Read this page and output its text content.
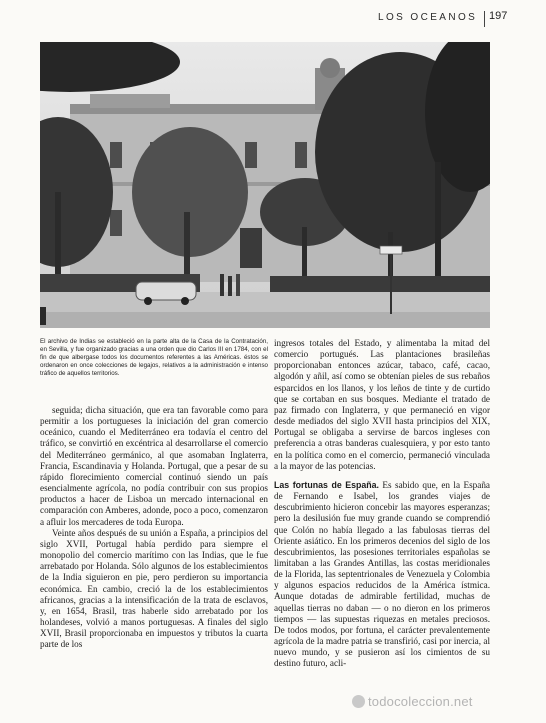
LOS OCEANOS 197
El archivo de Indias se estableció en la parte alta de la Casa de la Contratación, en Sevilla, y fue organizado gracias a una orden que dio Carlos III en 1784, con el fin de que albergase todos los documentos referentes a las Américas. éstos se ordenaron en once colecciones de legajos, relativos a la administración e intenso tráfico de aquellos territorios.

seguida; dicha situación, que era tan favorable como para permitir a los portugueses la iniciación del gran comercio oceánico, cuando el Mediterráneo era todavía el centro del tráfico, se convirtió en excéntrica al desarrollarse el comercio del Mediterráneo germánico, al que asomaban Inglaterra, Francia, Escandinavia y Holanda. Portugal, que a pesar de su rápido florecimiento comercial continuó siendo un país esencialmente agrícola, no podía contribuir con sus propios productos a hacer de Lisboa un mercado internacional en comparación con Amberes, adonde, poco a poco, comenzaron a afluir los mercaderes de toda Europa.

Veinte años después de su unión a España, a principios del siglo XVII, Portugal había perdido para siempre el monopolio del comercio marítimo con las Indias, que le fue arrebatado por Holanda. Sólo algunos de los establecimientos de la India siguieron en pie, pero perdieron su importancia económica. En cambio, creció la de los establecimientos africanos, gracias a la intensificación de la trata de esclavos, y, en 1654, Brasil, tras haberle sido arrebatado por los holandeses, volvió a manos portuguesas. A finales del siglo XVII, Brasil proporcionaba en impuestos y tributos la cuarta parte de los

ingresos totales del Estado, y alimentaba la mitad del comercio portugués. Las plantaciones brasileñas proporcionaban entonces azúcar, tabaco, café, cacao, algodón y añil, así como se obtenían pieles de sus rebaños esparcidos en los llanos, y los leños de tinte y de curtido que se cortaban en sus bosques. Mediante el tratado de paz firmado con Inglaterra, y que permaneció en vigor desde mediados del siglo XVII hasta principios del XIX, Portugal se obligaba a servirse de barcos ingleses con preferencia a otras banderas cualesquiera, y por esto tanto en la política como en el comercio, permaneció vinculada a la mayor de las potencias.

Las fortunas de España. Es sabido que, en la España de Fernando e Isabel, los grandes viajes de descubrimiento hicieron concebir las mayores esperanzas; pero la desilusión fue muy grande cuando se comprendió que Colón no había llegado a las fabulosas tierras del Oriente asiático. En los primeros decenios del siglo de los descubrimientos, las posesiones territoriales españolas se limitaban a las Grandes Antillas, las costas meridionales de la Florida, las septentrionales de Venezuela y Colombia y algunos espacios reducidos de la América ístmica. Aunque dotadas de admirable fertilidad, muchas de aquellas tierras no daban — o no dieron en los primeros tiempos — las supuestas riquezas en metales preciosos. De todos modos, por fortuna, el carácter prevalentemente agrícola de la madre patria se transfirió, casi por inercia, al nuevo mundo, y se pusieron así los cimientos de su destino futuro, acli-

todocoleccion.net
